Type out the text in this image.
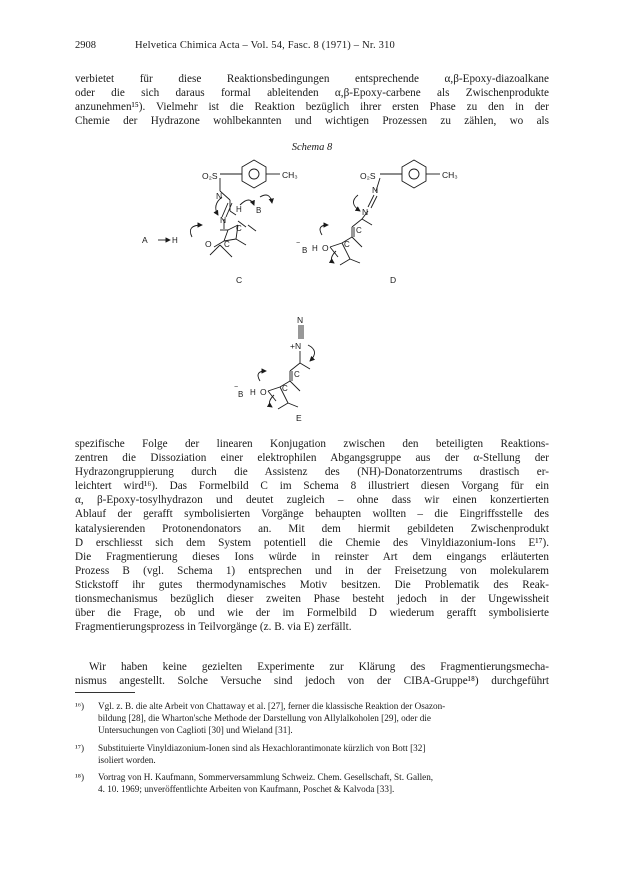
2908	Helvetica Chimica Acta – Vol. 54, Fasc. 8 (1971) – Nr. 310
verbietet für diese Reaktionsbedingungen entsprechende α,β-Epoxy-diazoalkane
oder die sich daraus formal ableitenden α,β-Epoxy-carbene als Zwischenprodukte
anzunehmen¹⁵). Vielmehr ist die Reaktion bezüglich ihrer ersten Phase zu den in der
Chemie der Hydrazone wohlbekannten und wichtigen Prozessen zu zählen, wo als
Schema 8
O₂S	CH₃
N
H B
N
C
C
O
A	H
O₂S	CH₃
N
N
C
C
O
H
B
−
N
+N
C
C
O
H
B
−
C	D
E
spezifische Folge der linearen Konjugation zwischen den beteiligten Reaktions-
zentren die Dissoziation einer elektrophilen Abgangsgruppe aus der α-Stellung der
Hydrazongruppierung durch die Assistenz des (NH)-Donatorzentrums drastisch er-
leichtert wird¹⁶). Das Formelbild C im Schema 8 illustriert diesen Vorgang für ein
α, β-Epoxy-tosylhydrazon und deutet zugleich – ohne dass wir einen konzertierten
Ablauf der gerafft symbolisierten Vorgänge behaupten wollten – die Eingriffsstelle des
katalysierenden Protonendonators an. Mit dem hiermit gebildeten Zwischenprodukt
D erschliesst sich dem System potentiell die Chemie des Vinyldiazonium-Ions E¹⁷).
Die Fragmentierung dieses Ions würde in reinster Art dem eingangs erläuterten
Prozess B (vgl. Schema 1) entsprechen und in der Freisetzung von molekularem
Stickstoff ihr gutes thermodynamisches Motiv besitzen. Die Problematik des Reak-
tionsmechanismus bezüglich dieser zweiten Phase besteht jedoch in der Ungewissheit
über die Frage, ob und wie der im Formelbild D wiederum gerafft symbolisierte
Fragmentierungsprozess in Teilvorgänge (z. B. via E) zerfällt.
Wir haben keine gezielten Experimente zur Klärung des Fragmentierungsmecha-
nismus angestellt. Solche Versuche sind jedoch von der CIBA-Gruppe¹⁸) durchgeführt
¹⁶) Vgl. z. B. die alte Arbeit von Chattaway et al. [27], ferner die klassische Reaktion der Osazon-
bildung [28], die Wharton'sche Methode der Darstellung von Allylalkoholen [29], oder die
Untersuchungen von Caglioti [30] und Wieland [31].
¹⁷) Substituierte Vinyldiazonium-Ionen sind als Hexachlorantimonate kürzlich von Bott [32]
isoliert worden.
¹⁸) Vortrag von H. Kaufmann, Sommerversammlung Schweiz. Chem. Gesellschaft, St. Gallen,
4. 10. 1969; unveröffentlichte Arbeiten von Kaufmann, Poschet & Kalvoda [33].
